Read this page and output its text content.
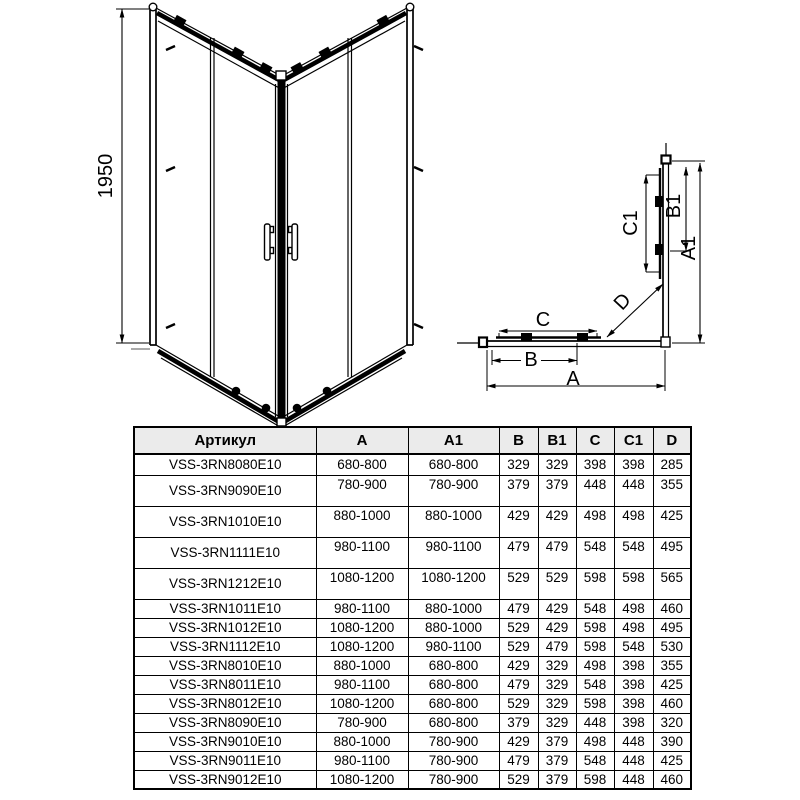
1950
C
B
A
C1
B1
A1
D
Артикул	A	A1	B	B1	C	C1	D
VSS-3RN8080E10	680-800	680-800	329	329	398	398	285
VSS-3RN9090E10	780-900	780-900	379	379	448	448	355
VSS-3RN1010E10	880-1000	880-1000	429	429	498	498	425
VSS-3RN1111E10	980-1100	980-1100	479	479	548	548	495
VSS-3RN1212E10	1080-1200	1080-1200	529	529	598	598	565
VSS-3RN1011E10	980-1100	880-1000	479	429	548	498	460
VSS-3RN1012E10	1080-1200	880-1000	529	429	598	498	495
VSS-3RN1112E10	1080-1200	980-1100	529	479	598	548	530
VSS-3RN8010E10	880-1000	680-800	429	329	498	398	355
VSS-3RN8011E10	980-1100	680-800	479	329	548	398	425
VSS-3RN8012E10	1080-1200	680-800	529	329	598	398	460
VSS-3RN8090E10	780-900	680-800	379	329	448	398	320
VSS-3RN9010E10	880-1000	780-900	429	379	498	448	390
VSS-3RN9011E10	980-1100	780-900	479	379	548	448	425
VSS-3RN9012E10	1080-1200	780-900	529	379	598	448	460
